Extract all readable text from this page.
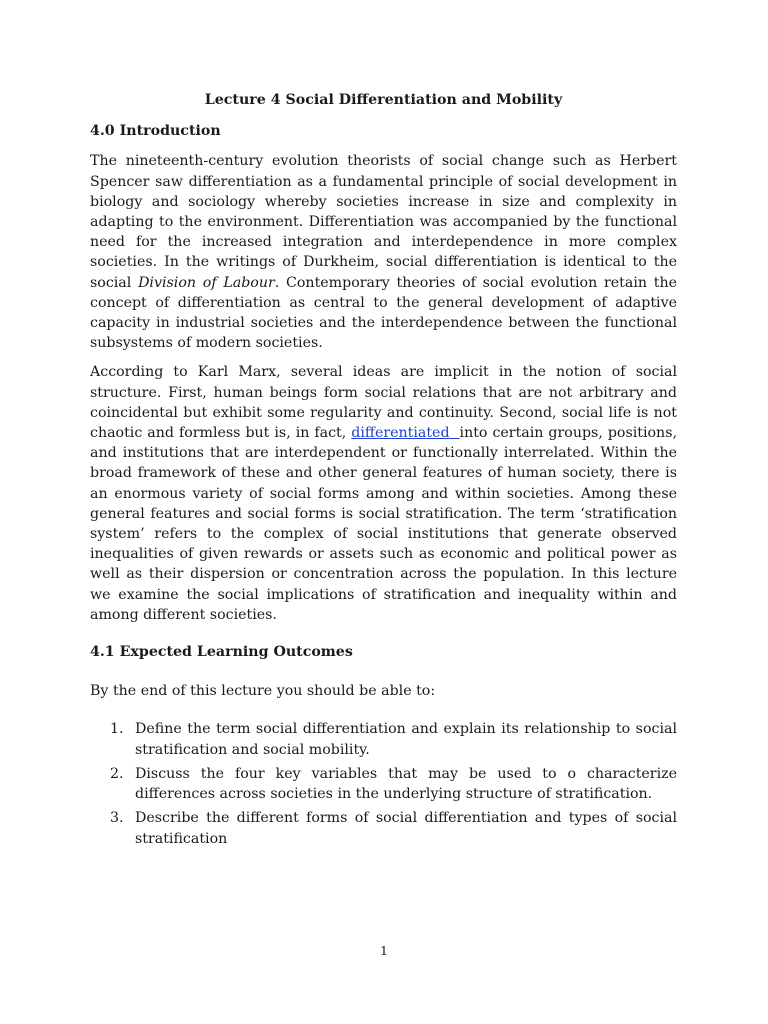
Lecture 4 Social Differentiation and Mobility
4.0 Introduction

The nineteenth-century evolution theorists of social change such as Herbert Spencer saw differentiation as a fundamental principle of social development in biology and sociology whereby societies increase in size and complexity in adapting to the environment. Differentiation was accompanied by the functional need for the increased integration and interdependence in more complex societies. In the writings of Durkheim, social differentiation is identical to the social Division of Labour. Contemporary theories of social evolution retain the concept of differentiation as central to the general development of adaptive capacity in industrial societies and the interdependence between the functional subsystems of modern societies.

According to Karl Marx, several ideas are implicit in the notion of social structure. First, human beings form social relations that are not arbitrary and coincidental but exhibit some regularity and continuity. Second, social life is not chaotic and formless but is, in fact, differentiated into certain groups, positions, and institutions that are interdependent or functionally interrelated. Within the broad framework of these and other general features of human society, there is an enormous variety of social forms among and within societies. Among these general features and social forms is social stratification. The term ‘stratification system’ refers to the complex of social institutions that generate observed inequalities of given rewards or assets such as economic and political power as well as their dispersion or concentration across the population. In this lecture we examine the social implications of stratification and inequality within and among different societies.

4.1 Expected Learning Outcomes

By the end of this lecture you should be able to:

1. Define the term social differentiation and explain its relationship to social stratification and social mobility.
2. Discuss the four key variables that may be used to o characterize differences across societies in the underlying structure of stratification.
3. Describe the different forms of social differentiation and types of social stratification
1
